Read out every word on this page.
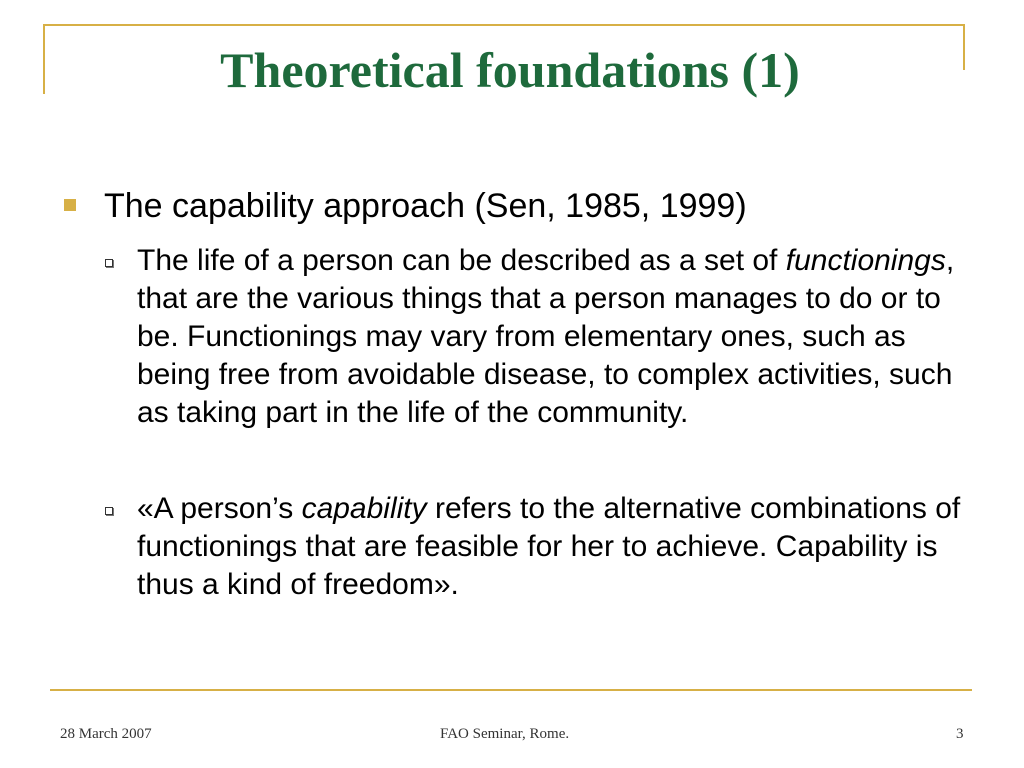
Theoretical foundations (1)
The capability approach (Sen, 1985, 1999)
The life of a person can be described as a set of functionings, that are the various things that a person manages to do or to be. Functionings may vary from elementary ones, such as being free from avoidable disease, to complex activities, such as taking part in the life of the community.
«A person’s capability refers to the alternative combinations of functionings that are feasible for her to achieve. Capability is thus a kind of freedom».
28 March 2007	FAO Seminar, Rome.	3
